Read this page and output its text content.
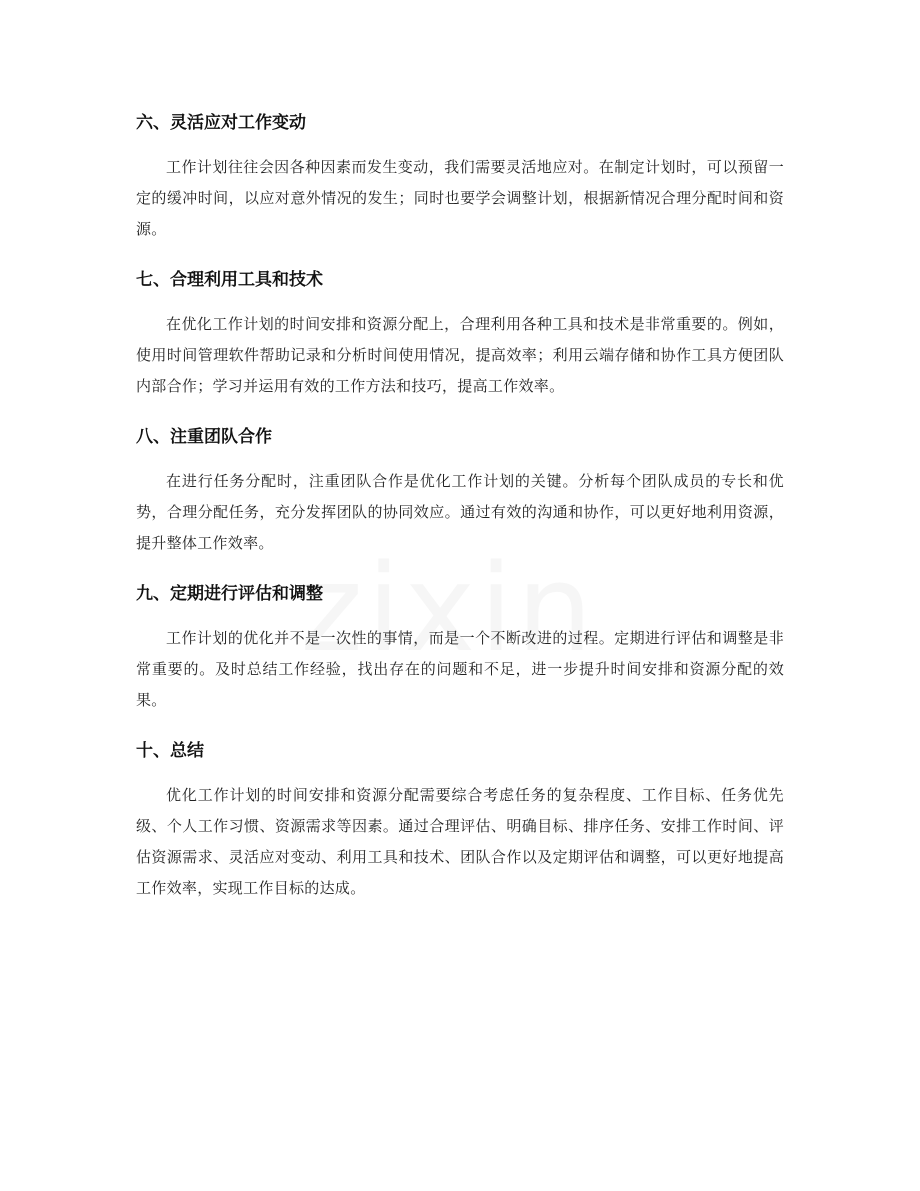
六、灵活应对工作变动

工作计划往往会因各种因素而发生变动，我们需要灵活地应对。在制定计划时，可以预留一定的缓冲时间，以应对意外情况的发生；同时也要学会调整计划，根据新情况合理分配时间和资源。

七、合理利用工具和技术

在优化工作计划的时间安排和资源分配上，合理利用各种工具和技术是非常重要的。例如，使用时间管理软件帮助记录和分析时间使用情况，提高效率；利用云端存储和协作工具方便团队内部合作；学习并运用有效的工作方法和技巧，提高工作效率。

八、注重团队合作

在进行任务分配时，注重团队合作是优化工作计划的关键。分析每个团队成员的专长和优势，合理分配任务，充分发挥团队的协同效应。通过有效的沟通和协作，可以更好地利用资源，提升整体工作效率。

九、定期进行评估和调整

工作计划的优化并不是一次性的事情，而是一个不断改进的过程。定期进行评估和调整是非常重要的。及时总结工作经验，找出存在的问题和不足，进一步提升时间安排和资源分配的效果。

十、总结

优化工作计划的时间安排和资源分配需要综合考虑任务的复杂程度、工作目标、任务优先级、个人工作习惯、资源需求等因素。通过合理评估、明确目标、排序任务、安排工作时间、评估资源需求、灵活应对变动、利用工具和技术、团队合作以及定期评估和调整，可以更好地提高工作效率，实现工作目标的达成。
